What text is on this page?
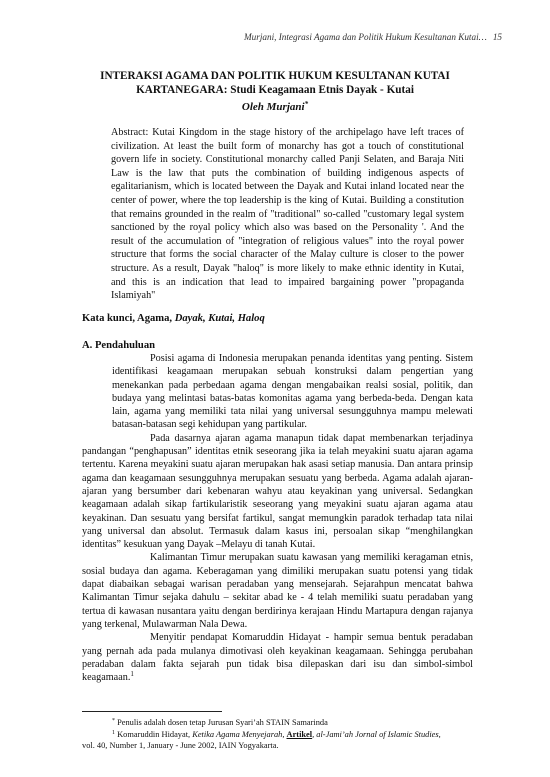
Murjani, Integrasi Agama dan Politik Hukum Kesultanan Kutai… 15
INTERAKSI AGAMA DAN POLITIK HUKUM KESULTANAN KUTAI
KARTANEGARA: Studi Keagamaan Etnis Dayak - Kutai
Oleh Murjani*
Abstract: Kutai Kingdom in the stage history of the archipelago have left traces of civilization. At least the built form of monarchy has got a touch of constitutional govern life in society. Constitutional monarchy called Panji Selaten, and Baraja Niti Law is the law that puts the combination of building indigenous aspects of egalitarianism, which is located between the Dayak and Kutai inland located near the center of power, where the top leadership is the king of Kutai. Building a constitution that remains grounded in the realm of "traditional" so-called "customary legal system sanctioned by the royal policy which also was based on the Personality '. And the result of the accumulation of "integration of religious values" into the royal power structure that forms the social character of the Malay culture is closer to the power structure. As a result, Dayak "haloq" is more likely to make ethnic identity in Kutai, and this is an indication that lead to impaired bargaining power "propaganda Islamiyah"
Kata kunci, Agama, Dayak, Kutai, Haloq
A. Pendahuluan

Posisi agama di Indonesia merupakan penanda identitas yang penting. Sistem identifikasi keagamaan merupakan sebuah konstruksi dalam pengertian yang menekankan pada perbedaan agama dengan mengabaikan realsi sosial, politik, dan budaya yang melintasi batas-batas komonitas agama yang berbeda-beda. Dengan kata lain, agama yang memiliki tata nilai yang universal sesungguhnya mampu melewati batasan-batasan segi kehidupan yang partikular.

Pada dasarnya ajaran agama manapun tidak dapat membenarkan terjadinya pandangan “penghapusan” identitas etnik seseorang jika ia telah meyakini suatu ajaran agama tertentu. Karena meyakini suatu ajaran merupakan hak asasi setiap manusia. Dan antara prinsip agama dan keagamaan sesungguhnya merupakan sesuatu yang berbeda. Agama adalah ajaran-ajaran yang bersumber dari kebenaran wahyu atau keyakinan yang universal. Sedangkan keagamaan adalah sikap fartikularistik seseorang yang meyakini suatu ajaran agama atau keyakinan. Dan sesuatu yang bersifat fartikul, sangat memungkin paradok terhadap tata nilai yang universal dan absolut. Termasuk dalam kasus ini, persoalan sikap “menghilangkan identitas” kesukuan yang Dayak –Melayu di tanah Kutai.

Kalimantan Timur merupakan suatu kawasan yang memiliki keragaman etnis, sosial budaya dan agama. Keberagaman yang dimiliki merupakan suatu potensi yang tidak dapat diabaikan sebagai warisan peradaban yang mensejarah. Sejarahpun mencatat bahwa Kalimantan Timur sejaka dahulu – sekitar abad ke - 4 telah memiliki suatu peradaban yang tertua di kawasan nusantara yaitu dengan berdirinya kerajaan Hindu Martapura dengan rajanya yang terkenal, Mulawarman Nala Dewa.

Menyitir pendapat Komaruddin Hidayat - hampir semua bentuk peradaban yang pernah ada pada mulanya dimotivasi oleh keyakinan keagamaan. Sehingga perubahan peradaban dalam fakta sejarah pun tidak bisa dilepaskan dari isu dan simbol-simbol keagamaan.$^1$

* Penulis adalah dosen tetap Jurusan Syari’ah STAIN Samarinda

$^1$ Komaruddin Hidayat, Ketika Agama Menyejarah, Artikel, al-Jami’ah Jornal of Islamic Studies,

vol. 40, Number 1, January - June 2002, IAIN Yogyakarta.
